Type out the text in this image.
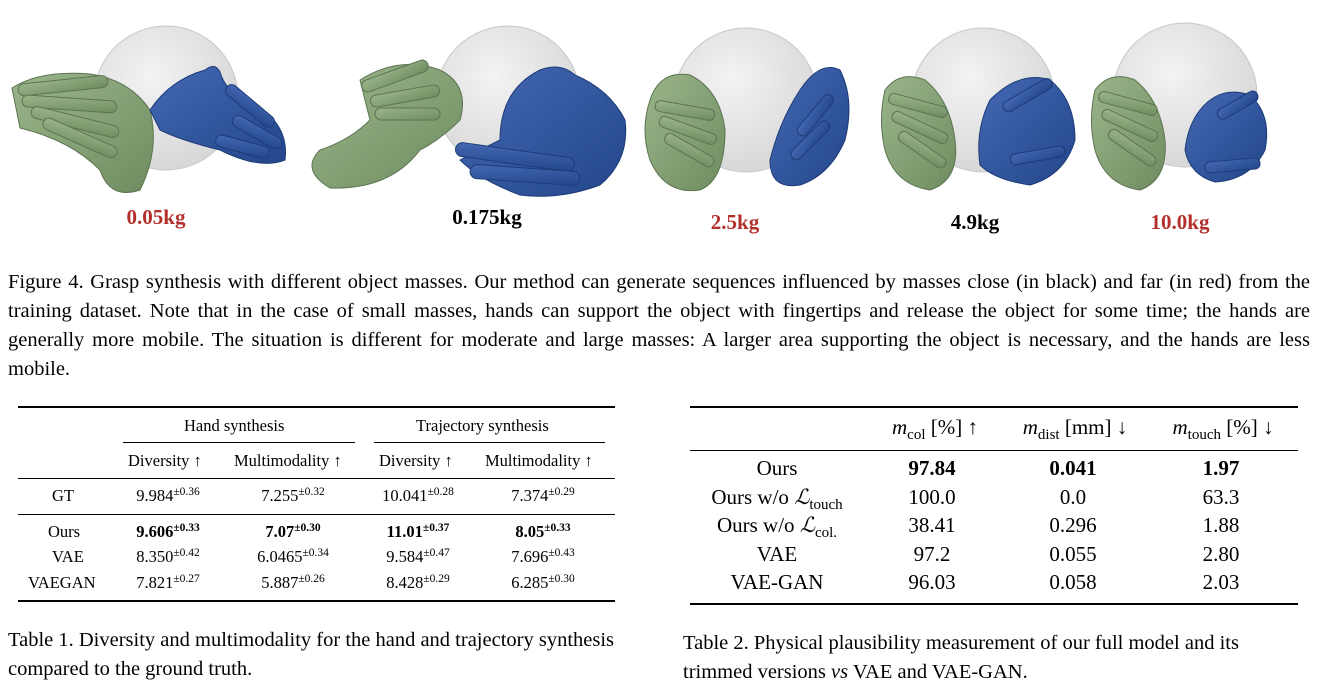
0.05kg	0.175kg	2.5kg	4.9kg	10.0kg
Figure 4. Grasp synthesis with different object masses. Our method can generate sequences influenced by masses close (in black) and far (in red) from the training dataset. Note that in the case of small masses, hands can support the object with fingertips and release the object for some time; the hands are generally more mobile. The situation is different for moderate and large masses: A larger area supporting the object is necessary, and the hands are less mobile.
Hand synthesis	Trajectory synthesis
Diversity ↑ Multimodality ↑ Diversity ↑ Multimodality ↑
GT	$9.984^{\pm 0.36}$	$7.255^{\pm 0.32}$	$10.041^{\pm 0.28}$	$7.374^{\pm 0.29}$
Ours	$9.606^{\pm 0.33}$	$7.07^{\pm 0.30}$	$11.01^{\pm 0.37}$	$8.05^{\pm 0.33}$
VAE	$8.350^{\pm 0.42}$	$6.0465^{\pm 0.34}$	$9.584^{\pm 0.47}$	$7.696^{\pm 0.43}$
VAEGAN $7.821^{\pm 0.27}$	$5.887^{\pm 0.26}$	$8.428^{\pm 0.29}$	$6.285^{\pm 0.30}$
Table 1. Diversity and multimodality for the hand and trajectory synthesis compared to the ground truth.
$m_{col}$ [%] ↑ $m_{dist}$ [mm] ↓ $m_{touch}$ [%] ↓
Ours	97.84	0.041	1.97
Ours w/o ℒ$_{touch}$	100.0	0.0	63.3
Ours w/o ℒ$_{col.}$	38.41	0.296	1.88
VAE	97.2	0.055	2.80
VAE-GAN	96.03	0.058	2.03
Table 2. Physical plausibility measurement of our full model and its trimmed versions vs VAE and VAE-GAN.
